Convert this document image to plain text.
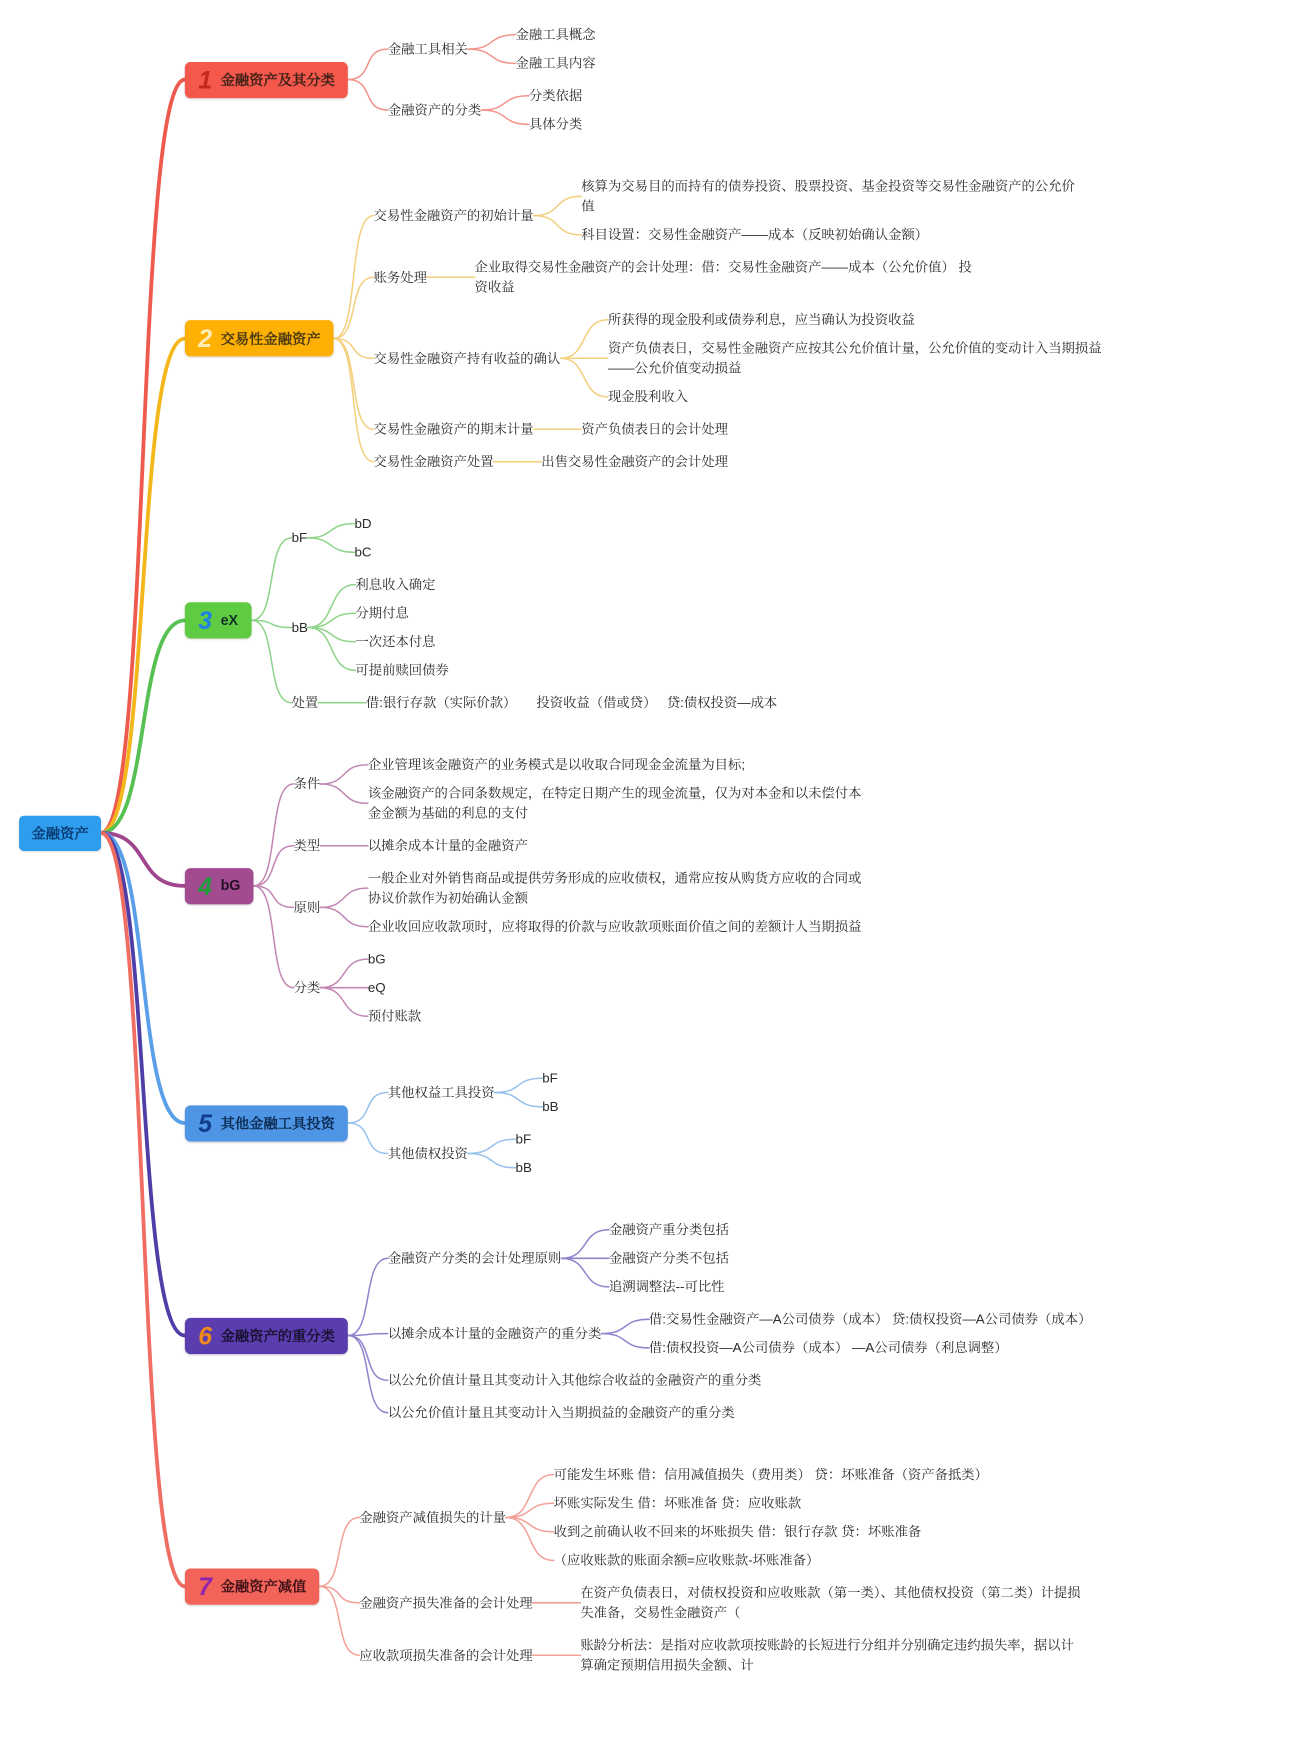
金融资产
1 金融资产及其分类
金融工具相关
金融工具概念
金融工具内容
金融资产的分类
分类依据
具体分类
2 交易性金融资产
交易性金融资产的初始计量
核算为交易目的而持有的债券投资、股票投资、基金投资等交易性金融资产的公允价值
科目设置：交易性金融资产——成本（反映初始确认金额）
账务处理
企业取得交易性金融资产的会计处理：借：交易性金融资产——成本（公允价值） 投资收益
交易性金融资产持有收益的确认
所获得的现金股利或债券利息，应当确认为投资收益
资产负债表日，交易性金融资产应按其公允价值计量，公允价值的变动计入当期损益——公允价值变动损益
现金股利收入
交易性金融资产的期末计量	资产负债表日的会计处理
交易性金融资产处置	出售交易性金融资产的会计处理
3 eX
bF
bD
bC
bB
利息收入确定
分期付息
一次还本付息
可提前赎回债券
处置	借:银行存款（实际价款）　　投资收益（借或贷）　 贷:债权投资—成本
4 bG
条件
企业管理该金融资产的业务模式是以收取合同现金金流量为目标;
该金融资产的合同条数规定，在特定日期产生的现金流量，仅为对本金和以未偿付本金金额为基础的利息的支付
类型	以摊余成本计量的金融资产
原则
一般企业对外销售商品或提供劳务形成的应收债权，通常应按从购货方应收的合同或协议价款作为初始确认金额
企业收回应收款项时，应将取得的价款与应收款项账面价值之间的差额计人当期损益
分类
bG
eQ
预付账款
5 其他金融工具投资
其他权益工具投资
bF
bB
其他债权投资
bF
bB
6 金融资产的重分类
金融资产分类的会计处理原则
金融资产重分类包括
金融资产分类不包括
追溯调整法--可比性
以摊余成本计量的金融资产的重分类
借:交易性金融资产—A公司债券（成本） 贷:债权投资—A公司债券（成本）
借:债权投资—A公司债券（成本） —A公司债券（利息调整）
以公允价值计量且其变动计入其他综合收益的金融资产的重分类
以公允价值计量且其变动计入当期损益的金融资产的重分类
7 金融资产减值
金融资产减值损失的计量
可能发生坏账 借：信用减值损失（费用类） 贷：坏账准备（资产备抵类）
坏账实际发生 借：坏账准备 贷：应收账款
收到之前确认收不回来的坏账损失 借：银行存款 贷：坏账准备
（应收账款的账面余额=应收账款-坏账准备）
金融资产损失准备的会计处理
在资产负债表日，对债权投资和应收账款（第一类）、其他债权投资（第二类）计提损失准备，交易性金融资产（
应收款项损失准备的会计处理
账龄分析法：是指对应收款项按账龄的长短进行分组并分别确定违约损失率，据以计算确定预期信用损失金额、计
